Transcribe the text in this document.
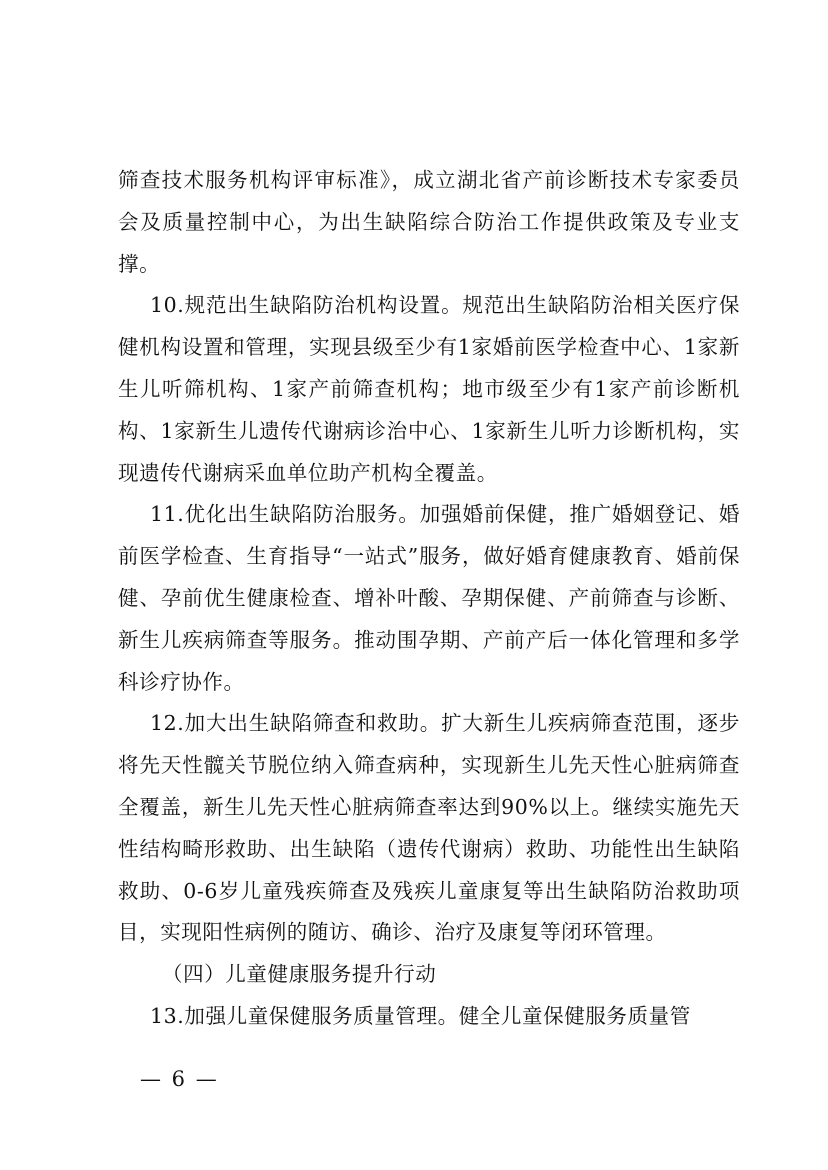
筛查技术服务机构评审标准》，成立湖北省产前诊断技术专家委员会及质量控制中心，为出生缺陷综合防治工作提供政策及专业支撑。

10.规范出生缺陷防治机构设置。规范出生缺陷防治相关医疗保健机构设置和管理，实现县级至少有1家婚前医学检查中心、1家新生儿听筛机构、1家产前筛查机构；地市级至少有1家产前诊断机构、1家新生儿遗传代谢病诊治中心、1家新生儿听力诊断机构，实现遗传代谢病采血单位助产机构全覆盖。

11.优化出生缺陷防治服务。加强婚前保健，推广婚姻登记、婚前医学检查、生育指导“一站式”服务，做好婚育健康教育、婚前保健、孕前优生健康检查、增补叶酸、孕期保健、产前筛查与诊断、新生儿疾病筛查等服务。推动围孕期、产前产后一体化管理和多学科诊疗协作。

12.加大出生缺陷筛查和救助。扩大新生儿疾病筛查范围，逐步将先天性髋关节脱位纳入筛查病种，实现新生儿先天性心脏病筛查全覆盖，新生儿先天性心脏病筛查率达到90%以上。继续实施先天性结构畸形救助、出生缺陷（遗传代谢病）救助、功能性出生缺陷救助、0-6岁儿童残疾筛查及残疾儿童康复等出生缺陷防治救助项目，实现阳性病例的随访、确诊、治疗及康复等闭环管理。

（四）儿童健康服务提升行动

13.加强儿童保健服务质量管理。健全儿童保健服务质量管

— 6 —
